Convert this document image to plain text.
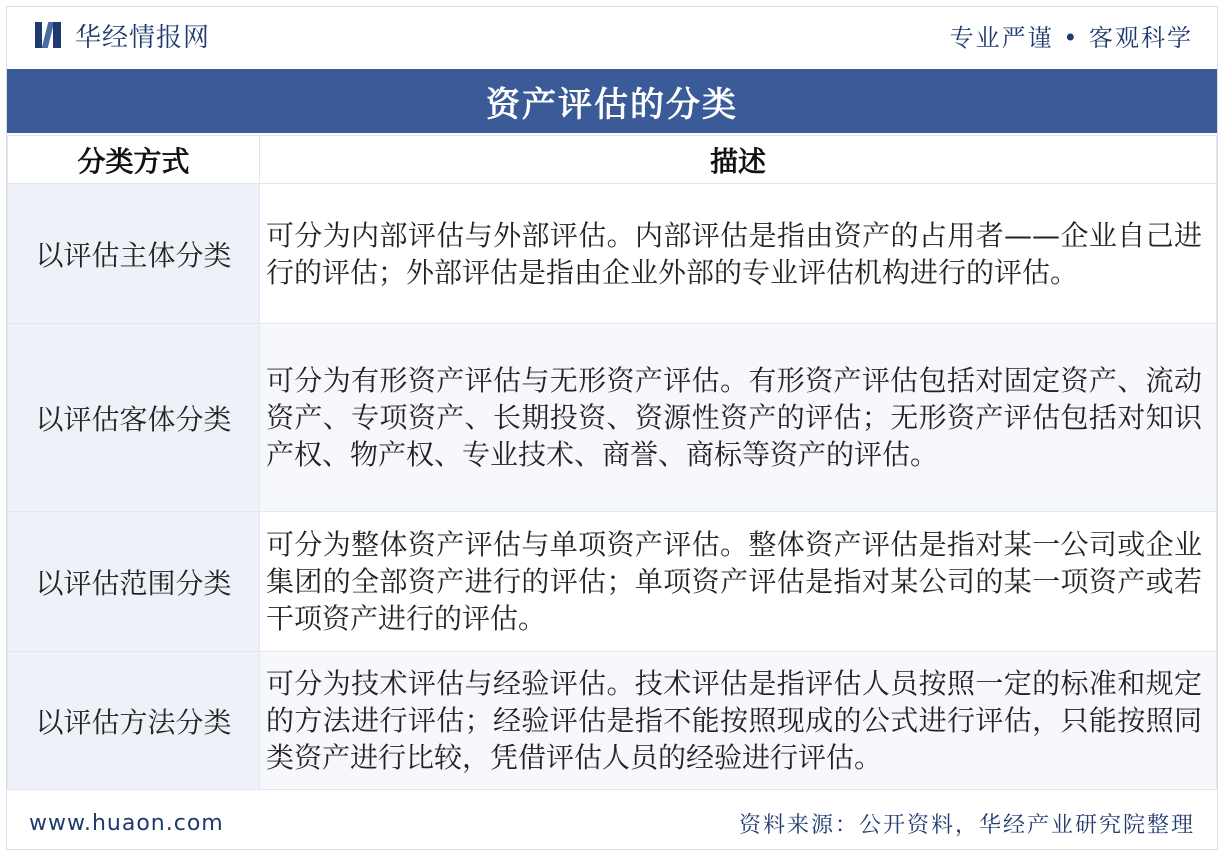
华经情报网	专业严谨 • 客观科学
资产评估的分类
分类方式	描述
以评估主体分类	可分为内部评估与外部评估。内部评估是指由资产的占用者——企业自己进行的评估；外部评估是指由企业外部的专业评估机构进行的评估。
以评估客体分类	可分为有形资产评估与无形资产评估。有形资产评估包括对固定资产、流动资产、专项资产、长期投资、资源性资产的评估；无形资产评估包括对知识产权、物产权、专业技术、商誉、商标等资产的评估。
以评估范围分类	可分为整体资产评估与单项资产评估。整体资产评估是指对某一公司或企业集团的全部资产进行的评估；单项资产评估是指对某公司的某一项资产或若干项资产进行的评估。
以评估方法分类	可分为技术评估与经验评估。技术评估是指评估人员按照一定的标准和规定的方法进行评估；经验评估是指不能按照现成的公式进行评估，只能按照同类资产进行比较，凭借评估人员的经验进行评估。
www.huaon.com	资料来源：公开资料，华经产业研究院整理
